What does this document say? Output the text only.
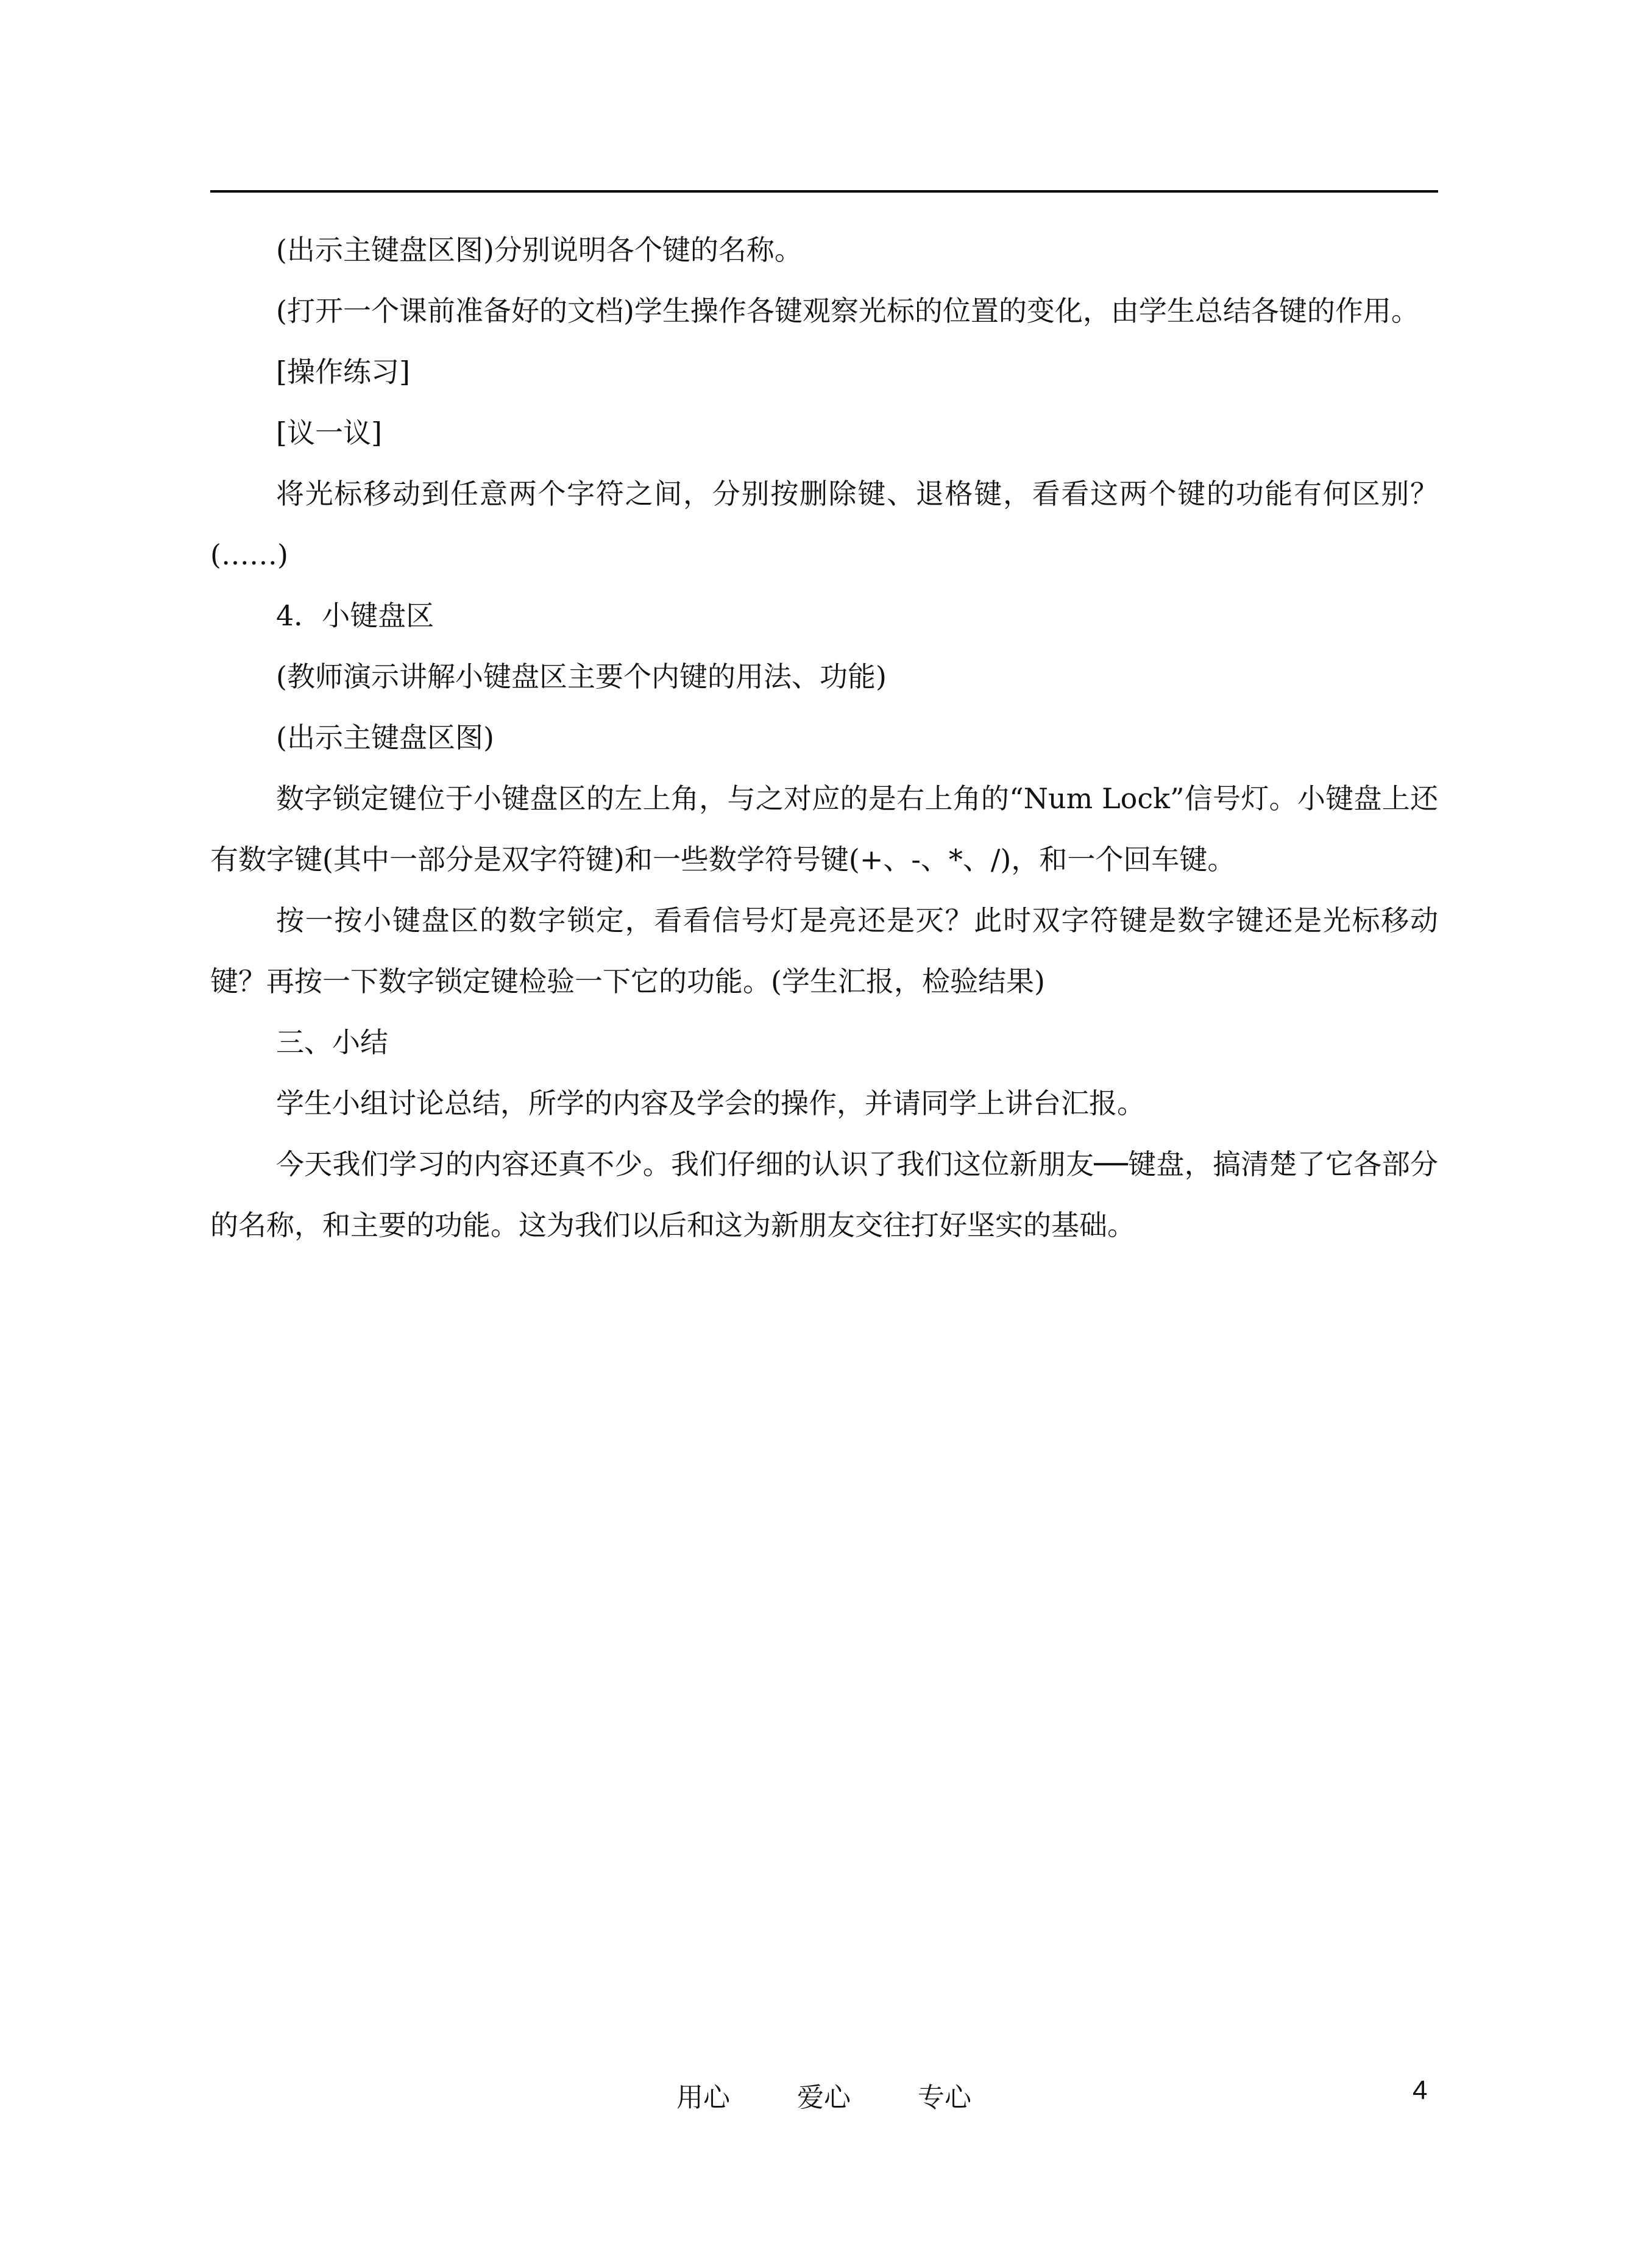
(出示主键盘区图)分别说明各个键的名称。

(打开一个课前准备好的文档)学生操作各键观察光标的位置的变化，由学生总结各键的作用。

[操作练习]

[议一议]

将光标移动到任意两个字符之间，分别按删除键、退格键，看看这两个键的功能有何区别？(……)

4．小键盘区

(教师演示讲解小键盘区主要个内键的用法、功能)

(出示主键盘区图)

数字锁定键位于小键盘区的左上角，与之对应的是右上角的“Num Lock”信号灯。小键盘上还有数字键(其中一部分是双字符键)和一些数学符号键(+、-、*、/)，和一个回车键。

按一按小键盘区的数字锁定，看看信号灯是亮还是灭？此时双字符键是数字键还是光标移动键？再按一下数字锁定键检验一下它的功能。(学生汇报，检验结果)

三、小结

学生小组讨论总结，所学的内容及学会的操作，并请同学上讲台汇报。

今天我们学习的内容还真不少。我们仔细的认识了我们这位新朋友──键盘，搞清楚了它各部分的名称，和主要的功能。这为我们以后和这为新朋友交往打好坚实的基础。

用心	爱心	专心	4
